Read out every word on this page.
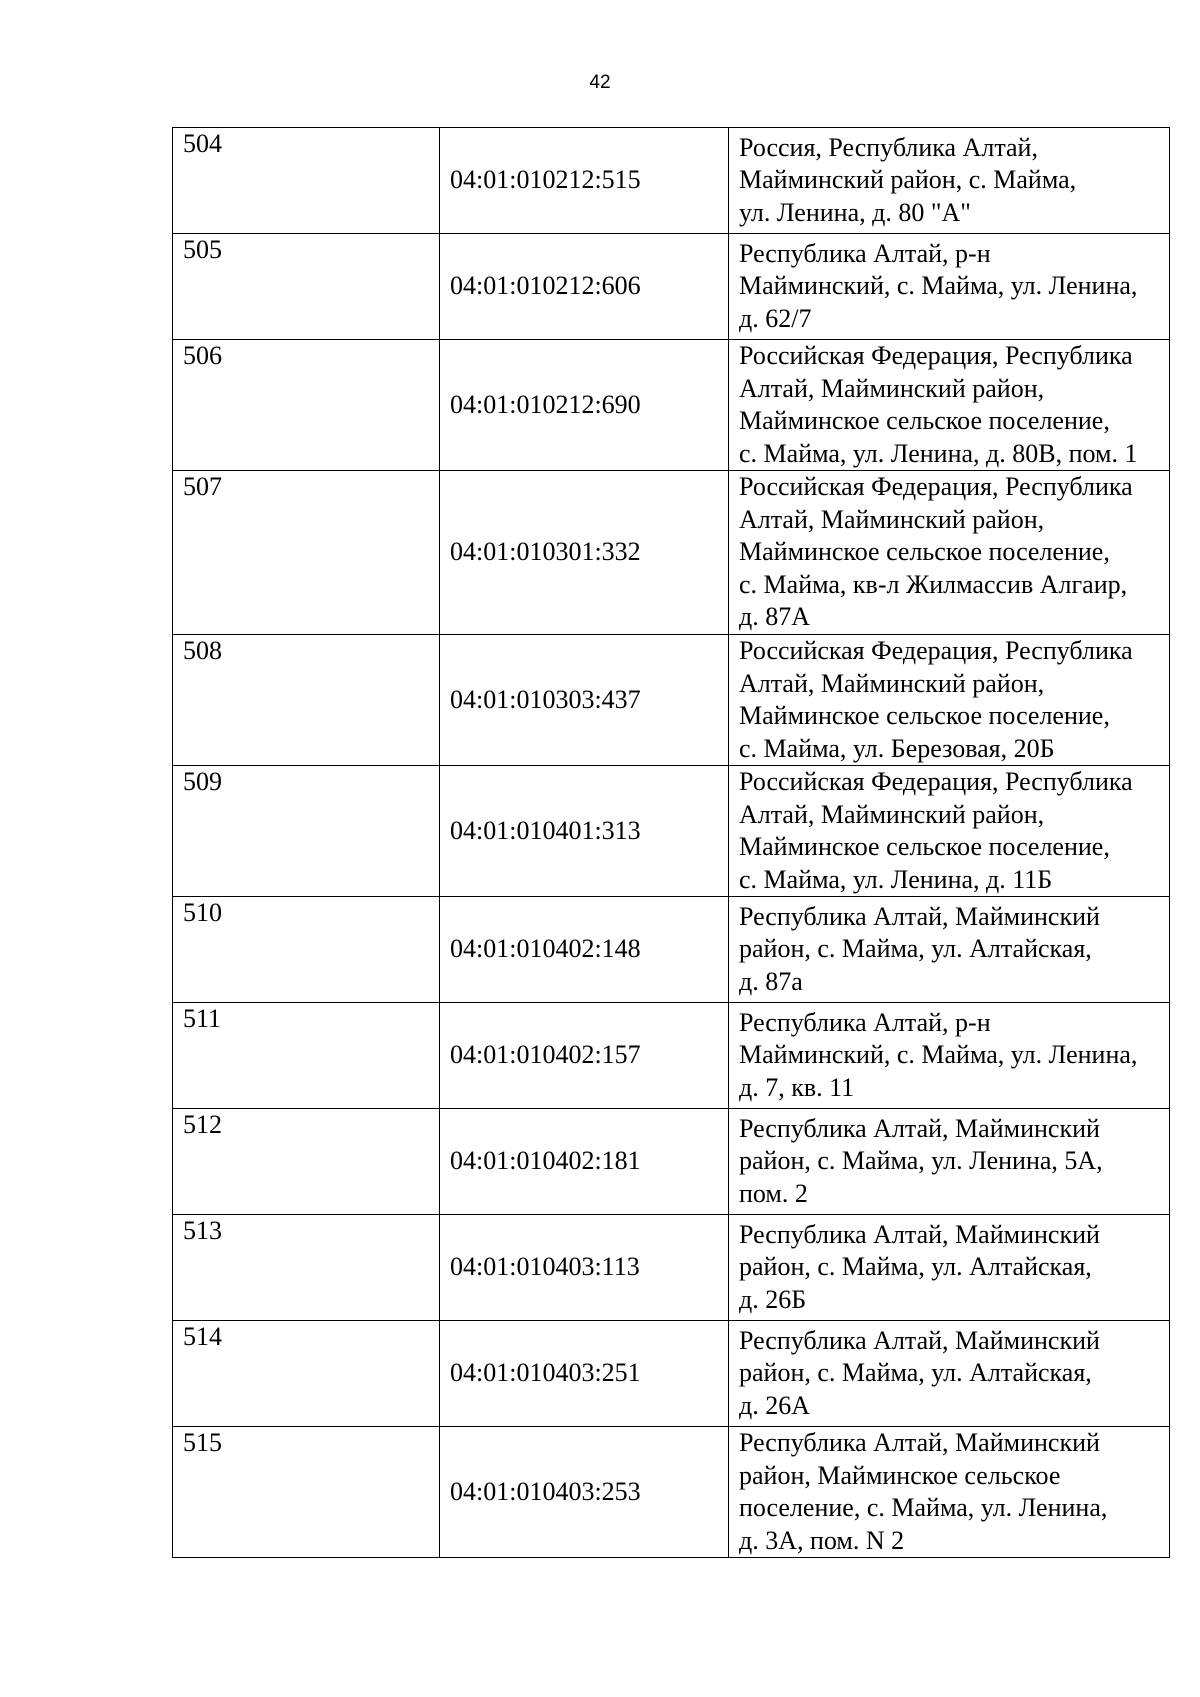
42
504	04:01:010212:515	Россия, Республика Алтай,
Майминский район, с. Майма,
ул. Ленина, д. 80 "А"

505	04:01:010212:606	Республика Алтай, р-н
Майминский, с. Майма, ул. Ленина,
д. 62/7

506	04:01:010212:690	Российская Федерация, Республика
Алтай, Майминский район,
Майминское сельское поселение,
с. Майма, ул. Ленина, д. 80В, пом. 1

507	04:01:010301:332	Российская Федерация, Республика
Алтай, Майминский район,
Майминское сельское поселение,
с. Майма, кв-л Жилмассив Алгаир,
д. 87А

508	04:01:010303:437	Российская Федерация, Республика
Алтай, Майминский район,
Майминское сельское поселение,
с. Майма, ул. Березовая, 20Б

509	04:01:010401:313	Российская Федерация, Республика
Алтай, Майминский район,
Майминское сельское поселение,
с. Майма, ул. Ленина, д. 11Б

510	04:01:010402:148	Республика Алтай, Майминский
район, с. Майма, ул. Алтайская,
д. 87а

511	04:01:010402:157	Республика Алтай, р-н
Майминский, с. Майма, ул. Ленина,
д. 7, кв. 11

512	04:01:010402:181	Республика Алтай, Майминский
район, с. Майма, ул. Ленина, 5А,
пом. 2

513	04:01:010403:113	Республика Алтай, Майминский
район, с. Майма, ул. Алтайская,
д. 26Б

514	04:01:010403:251	Республика Алтай, Майминский
район, с. Майма, ул. Алтайская,
д. 26А

515	04:01:010403:253	Республика Алтай, Майминский
район, Майминское сельское
поселение, с. Майма, ул. Ленина,
д. 3А, пом. N 2
